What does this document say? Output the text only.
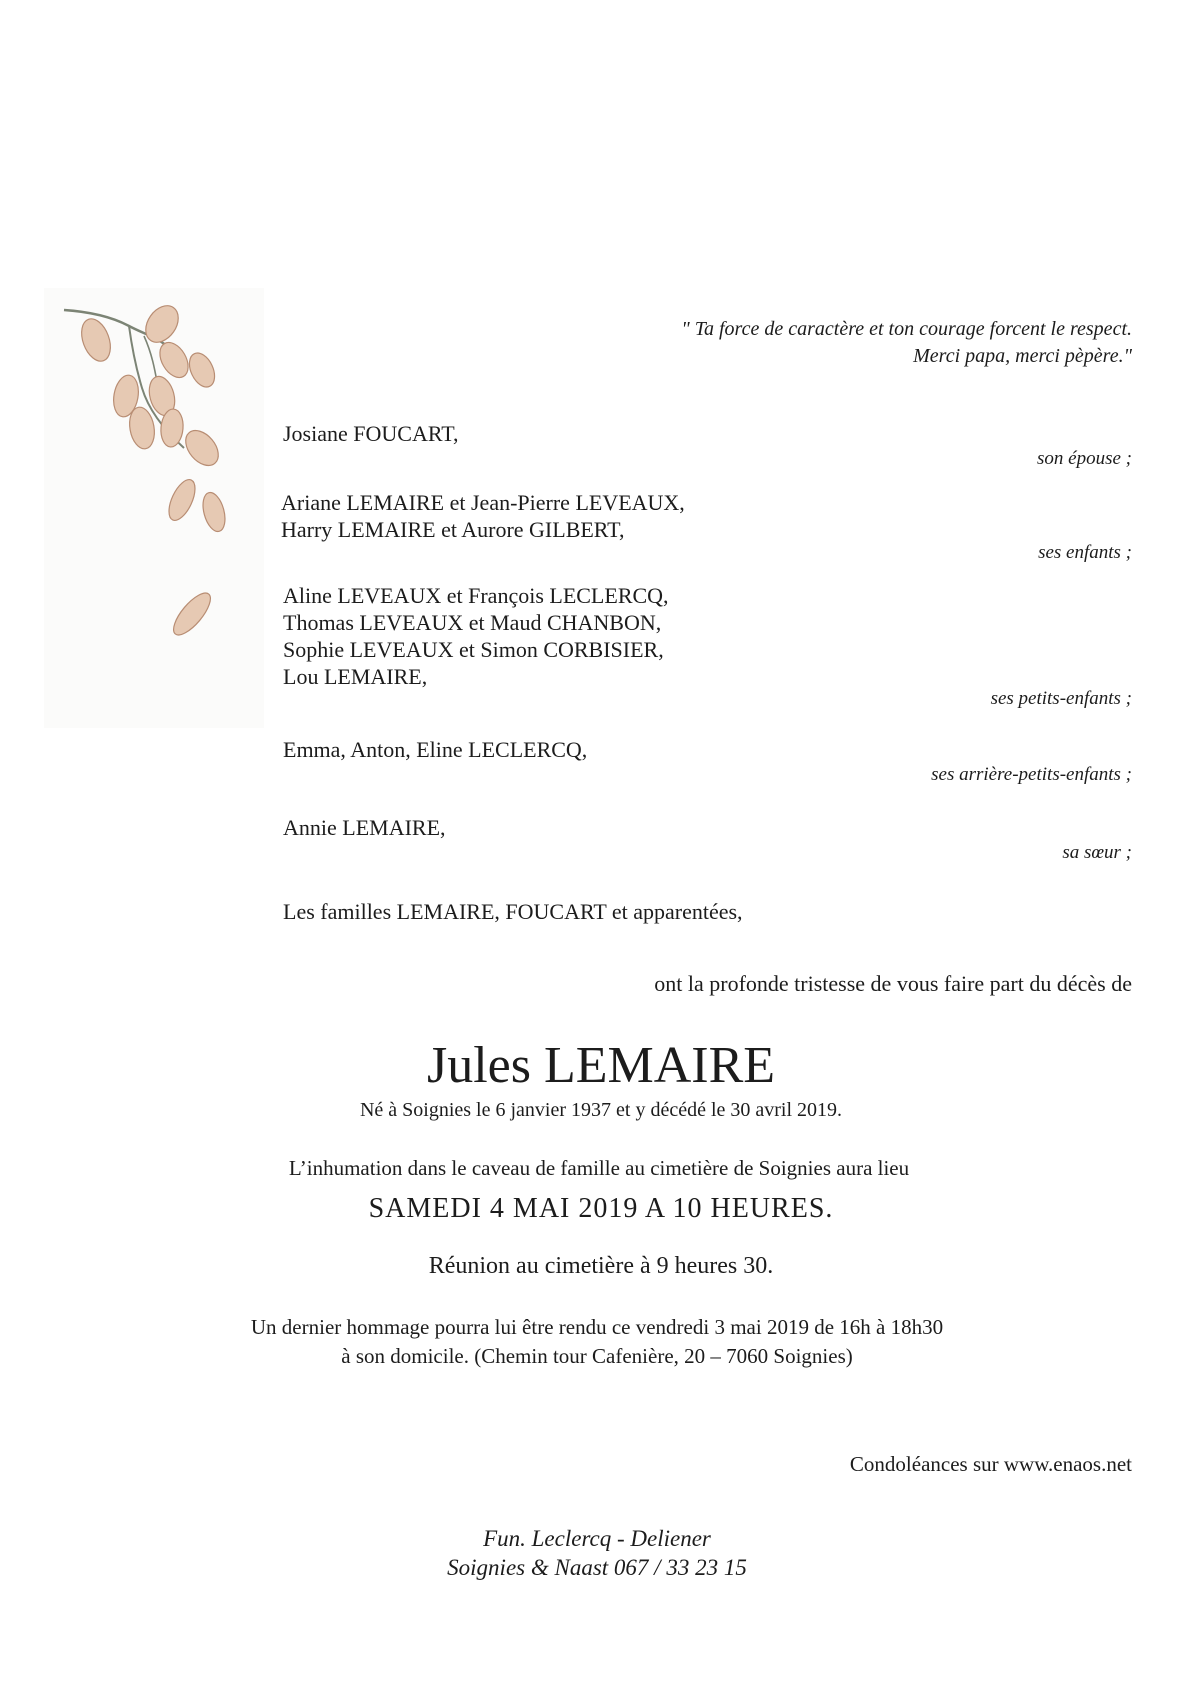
" Ta force de caractère et ton courage forcent le respect.
Merci papa, merci pèpère."
Josiane FOUCART,
son épouse ;
Ariane LEMAIRE et Jean-Pierre LEVEAUX,
Harry LEMAIRE et Aurore GILBERT,
ses enfants ;
Aline LEVEAUX et François LECLERCQ,
Thomas LEVEAUX et Maud CHANBON,
Sophie LEVEAUX et Simon CORBISIER,
Lou LEMAIRE,
ses petits-enfants ;
Emma, Anton, Eline LECLERCQ,
ses arrière-petits-enfants ;
Annie LEMAIRE,
sa sœur ;
Les familles LEMAIRE, FOUCART et apparentées,
ont la profonde tristesse de vous faire part du décès de
Jules LEMAIRE
Né à Soignies le 6 janvier 1937 et y décédé le 30 avril 2019.
L’inhumation dans le caveau de famille au cimetière de Soignies aura lieu
SAMEDI 4 MAI 2019 A 10 HEURES.
Réunion au cimetière à 9 heures 30.
Un dernier hommage pourra lui être rendu ce vendredi 3 mai 2019 de 16h à 18h30
à son domicile. (Chemin tour Cafenière, 20 – 7060 Soignies)
Condoléances sur www.enaos.net
Fun. Leclercq - Deliener
Soignies & Naast 067 / 33 23 15
